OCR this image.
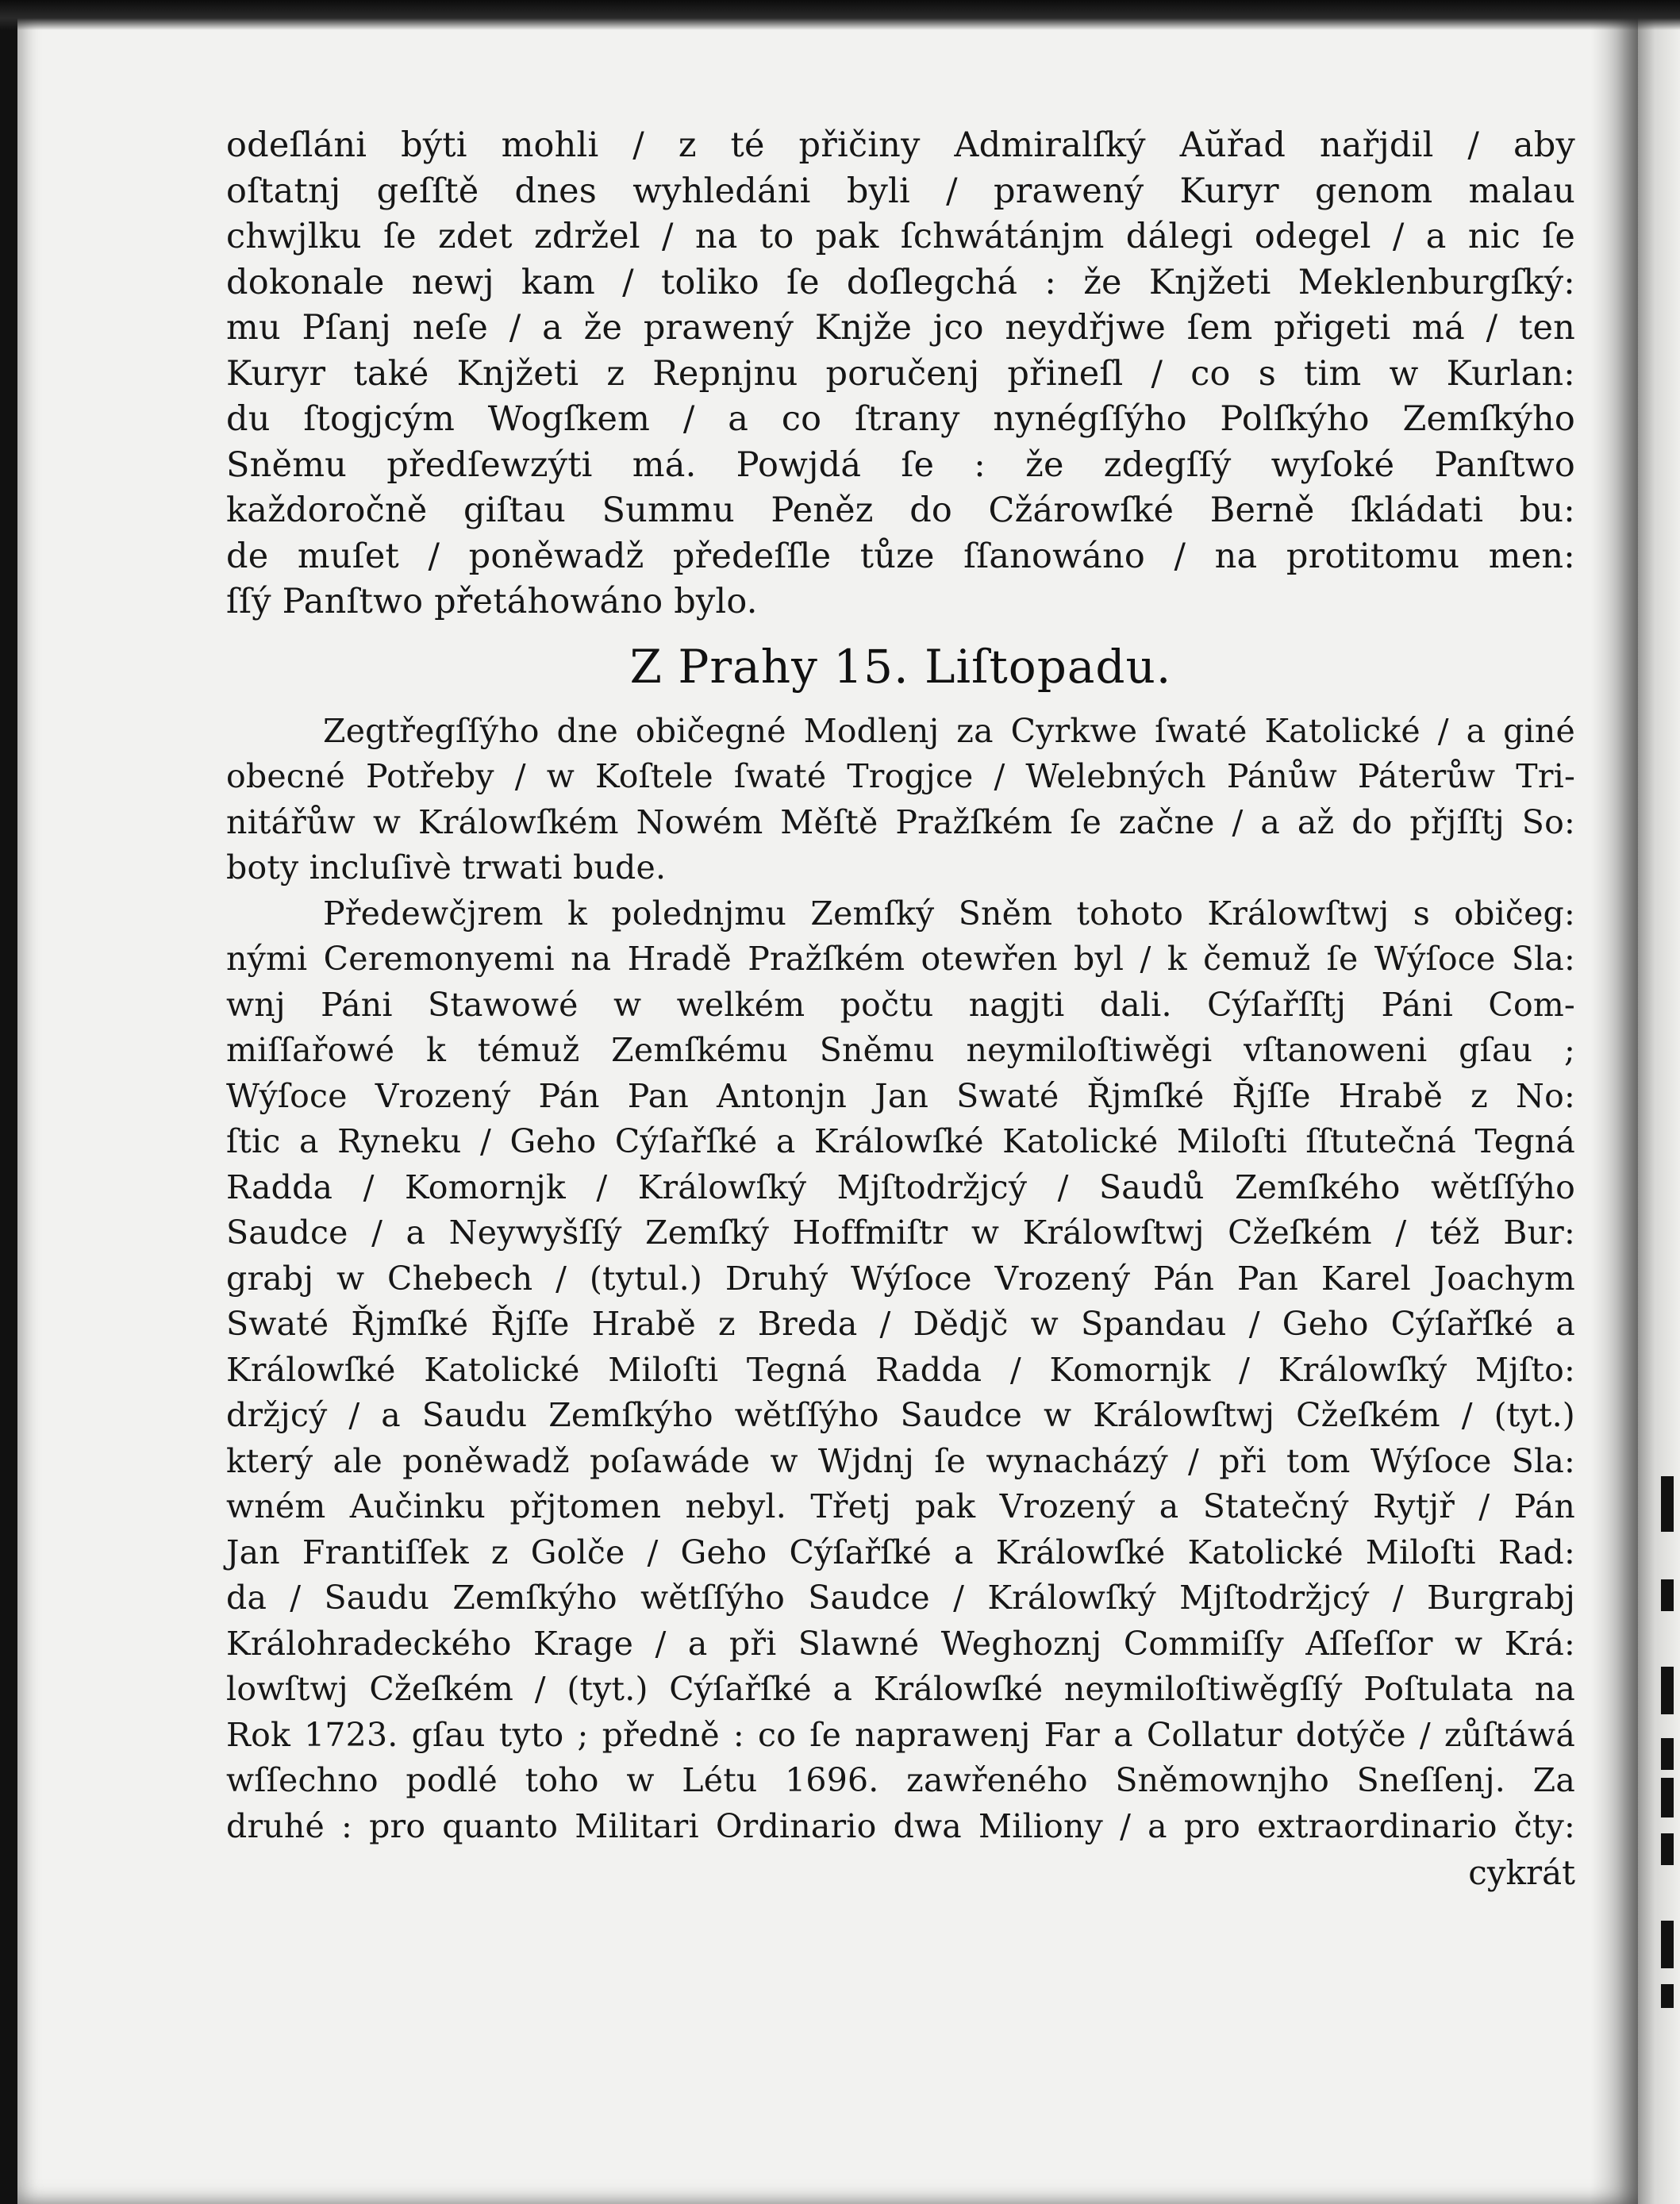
odeſláni býti mohli / z té přičiny Admiralſký Aŭřad nařjdil / aby
oſtatnj geſſtě dnes wyhledáni byli / prawený Kuryr genom malau
chwjlku ſe zdet zdržel / na to pak ſchwátánjm dálegi odegel / a nic ſe
dokonale newj kam / toliko ſe doſlegchá : že Knjžeti Meklenburgſký:
mu Pſanj neſe / a že prawený Knjže jco neydřjwe ſem přigeti má / ten
Kuryr také Knjžeti z Repnjnu poručenj přineſl / co s tim w Kurlan:
du ſtogjcým Wogſkem / a co ſtrany nynégſſýho Polſkýho Zemſkýho
Sněmu předſewzýti má. Powjdá ſe : že zdegſſý wyſoké Panſtwo
každoročně giſtau Summu Peněz do Cžárowſké Berně ſkládati bu:
de muſet / poněwadž předeſſle tůze ſſanowáno / na protitomu men:
ſſý Panſtwo přetáhowáno bylo.
Z Prahy 15. Liſtopadu.
Zegtřegſſýho dne običegné Modlenj za Cyrkwe ſwaté Katolické / a giné
obecné Potřeby / w Koſtele ſwaté Trogjce / Welebných Pánůw Páterůw Tri-
nitářůw w Králowſkém Nowém Měſtě Pražſkém ſe začne / a až do přjſſtj So:
boty incluſivè trwati bude.
Předewčjrem k polednjmu Zemſký Sněm tohoto Králowſtwj s običeg:
nými Ceremonyemi na Hradě Pražſkém otewřen byl / k čemuž ſe Wýſoce Sla:
wnj Páni Stawowé w welkém počtu nagjti dali. Cýſařſſtj Páni Com-
miſſařowé k témuž Zemſkému Sněmu neymiloſtiwěgi vſtanoweni gſau ;
Wýſoce Vrozený Pán Pan Antonjn Jan Swaté Řjmſké Řjſſe Hrabě z No:
ſtic a Ryneku / Geho Cýſařſké a Králowſké Katolické Miloſti ſſtutečná Tegná
Radda / Komornjk / Králowſký Mjſtodržjcý / Saudů Zemſkého wětſſýho
Saudce / a Neywyšſſý Zemſký Hoffmiſtr w Králowſtwj Cžeſkém / též Bur:
grabj w Chebech / (tytul.) Druhý Wýſoce Vrozený Pán Pan Karel Joachym
Swaté Řjmſké Řjſſe Hrabě z Breda / Dědjč w Spandau / Geho Cýſařſké a
Králowſké Katolické Miloſti Tegná Radda / Komornjk / Králowſký Mjſto:
držjcý / a Saudu Zemſkýho wětſſýho Saudce w Králowſtwj Cžeſkém / (tyt.)
který ale poněwadž poſawáde w Wjdnj ſe wynacházý / při tom Wýſoce Sla:
wném Aučinku přjtomen nebyl. Třetj pak Vrozený a Statečný Rytjř / Pán
Jan Frantiſſek z Golče / Geho Cýſařſké a Králowſké Katolické Miloſti Rad:
da / Saudu Zemſkýho wětſſýho Saudce / Králowſký Mjſtodržjcý / Burgrabj
Králohradeckého Krage / a při Slawné Weghoznj Commiſſy Aſſeſſor w Krá:
lowſtwj Cžeſkém / (tyt.) Cýſařſké a Králowſké neymiloſtiwěgſſý Poſtulata na
Rok 1723. gſau tyto ; předně : co ſe naprawenj Far a Collatur dotýče / zůſtáwá
wſſechno podlé toho w Létu 1696. zawřeného Sněmownjho Sneſſenj. Za
druhé : pro quanto Militari Ordinario dwa Miliony / a pro extraordinario čty:
cykrát
